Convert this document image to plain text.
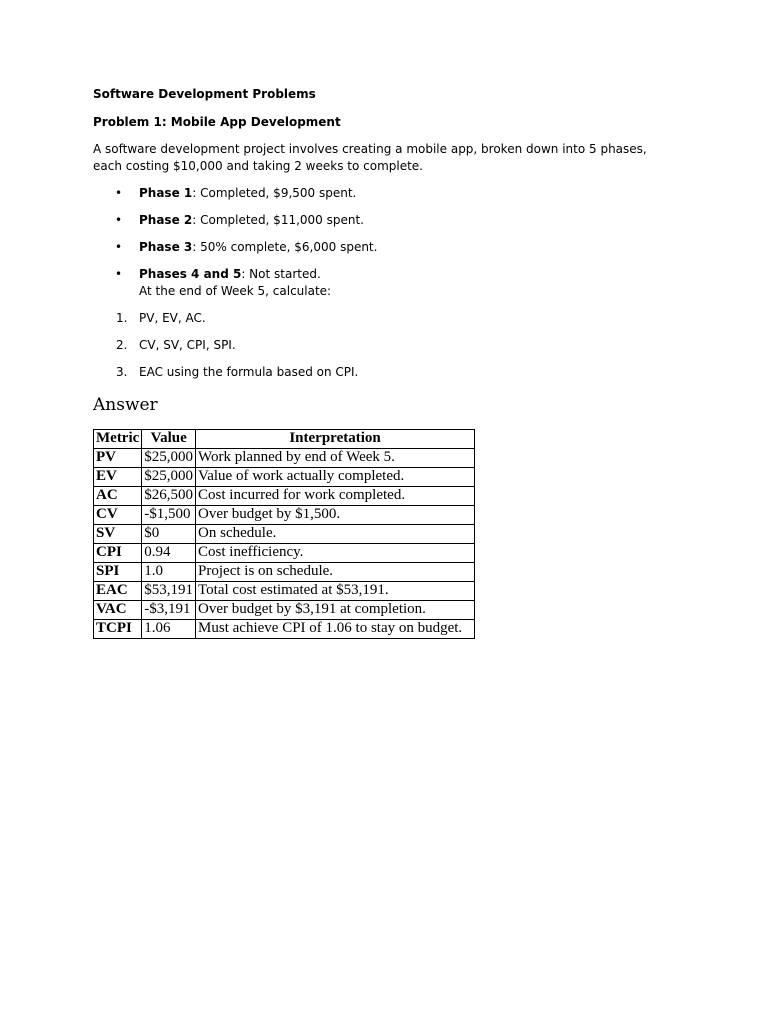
Software Development Problems

Problem 1: Mobile App Development

A software development project involves creating a mobile app, broken down into 5 phases, each costing $10,000 and taking 2 weeks to complete.

• Phase 1: Completed, $9,500 spent.
• Phase 2: Completed, $11,000 spent.
• Phase 3: 50% complete, $6,000 spent.
• Phases 4 and 5: Not started.
At the end of Week 5, calculate:
1. PV, EV, AC.
2. CV, SV, CPI, SPI.
3. EAC using the formula based on CPI.
Answer
Metric	Value	Interpretation
PV	$25,000	Work planned by end of Week 5.
EV	$25,000	Value of work actually completed.
AC	$26,500	Cost incurred for work completed.
CV	-$1,500	Over budget by $1,500.
SV	$0	On schedule.
CPI	0.94	Cost inefficiency.
SPI	1.0	Project is on schedule.
EAC	$53,191	Total cost estimated at $53,191.
VAC	-$3,191	Over budget by $3,191 at completion.
TCPI	1.06	Must achieve CPI of 1.06 to stay on budget.
